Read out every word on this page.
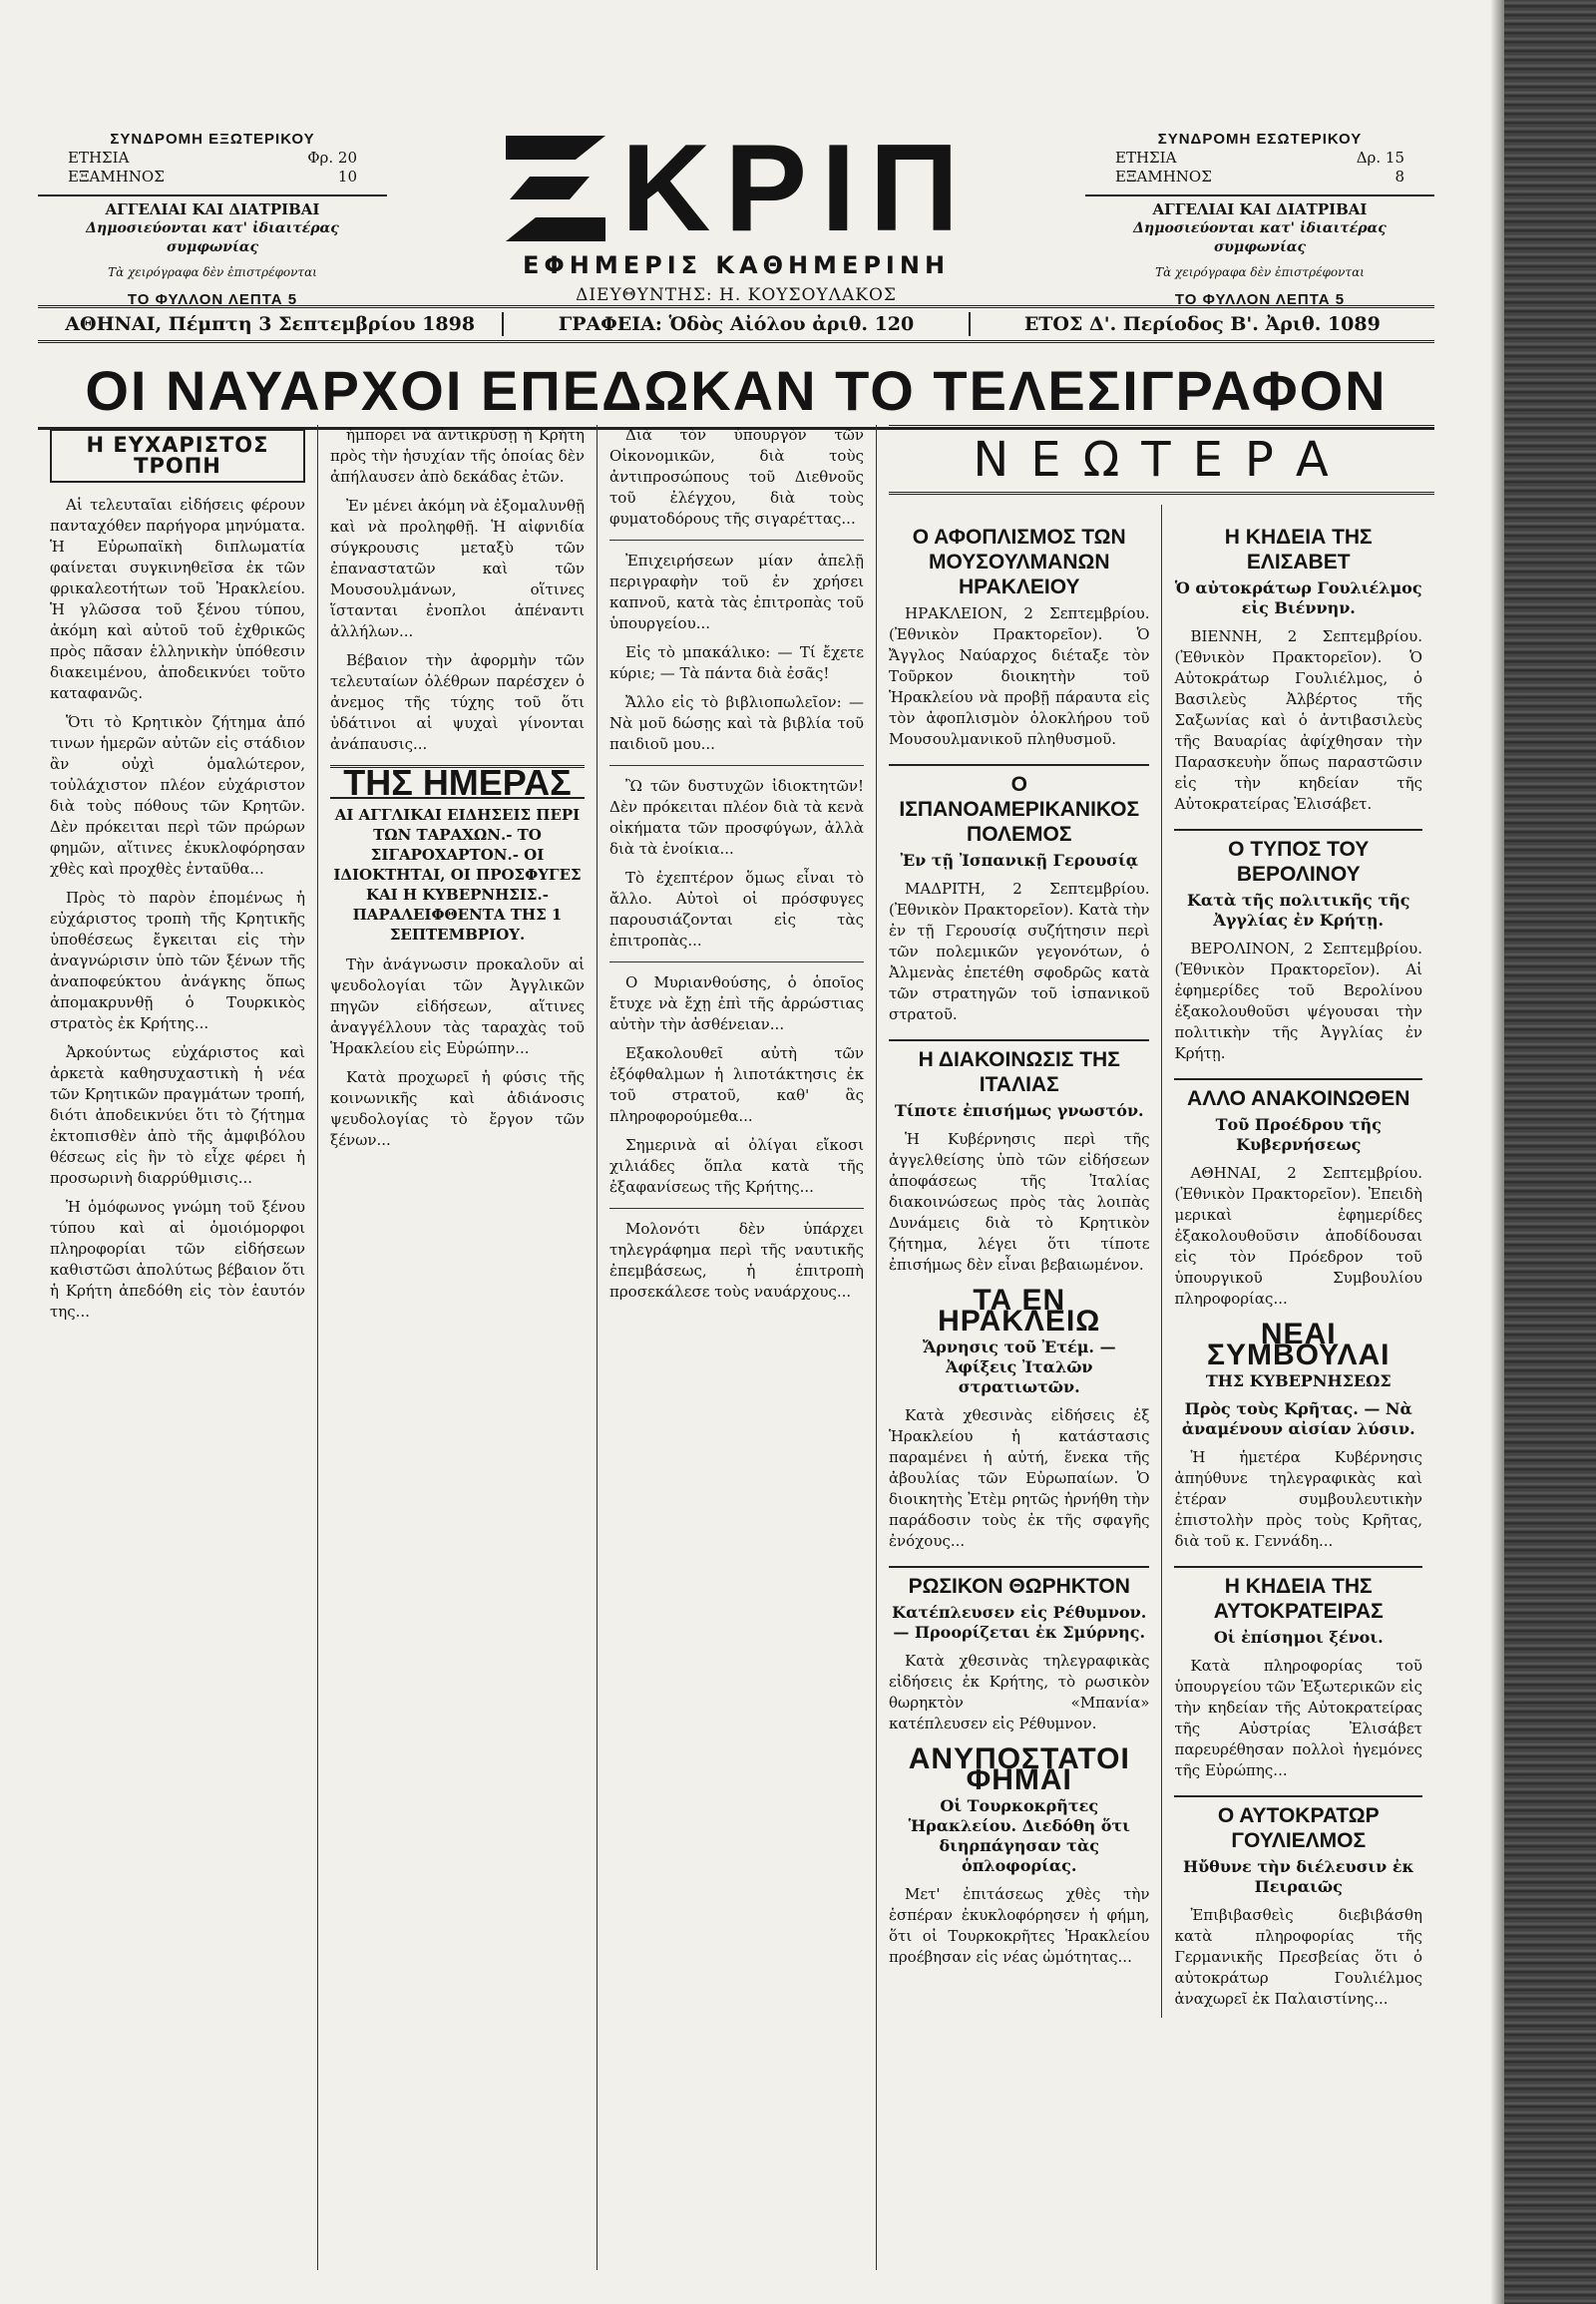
ΣΥΝΔΡΟΜΗ ΕΞΩΤΕΡΙΚΟΥ
ΕΤΗΣΙΑ	Φρ. 20
ΕΞΑΜΗΝΟΣ	10
ΑΓΓΕΛΙΑΙ ΚΑΙ ΔΙΑΤΡΙΒΑΙ
Δημοσιεύονται κατ' ἰδιαιτέρας συμφωνίας
Τὰ χειρόγραφα δὲν ἐπιστρέφονται
ΤΟ ΦΥΛΛΟΝ ΛΕΠΤΑ 5
ΚΡΙΠ
ΕΦΗΜΕΡΙΣ ΚΑΘΗΜΕΡΙΝΗ
ΔΙΕΥΘΥΝΤΗΣ: Η. ΚΟΥΣΟΥΛΑΚΟΣ
ΣΥΝΔΡΟΜΗ ΕΣΩΤΕΡΙΚΟΥ
ΕΤΗΣΙΑ	Δρ. 15
ΕΞΑΜΗΝΟΣ	8
ΑΓΓΕΛΙΑΙ ΚΑΙ ΔΙΑΤΡΙΒΑΙ
Δημοσιεύονται κατ' ἰδιαιτέρας συμφωνίας
Τὰ χειρόγραφα δὲν ἐπιστρέφονται
ΤΟ ΦΥΛΛΟΝ ΛΕΠΤΑ 5
ΑΘΗΝΑΙ, Πέμπτη 3 Σεπτεμβρίου 1898	ΓΡΑΦΕΙΑ: Ὁδὸς Αἰόλου ἀριθ. 120	ΕΤΟΣ Δ'. Περίοδος Β'. Ἀριθ. 1089
ΟΙ ΝΑΥΑΡΧΟΙ ΕΠΕΔΩΚΑΝ ΤΟ ΤΕΛΕΣΙΓΡΑΦΟΝ
Η ΕΥΧΑΡΙΣΤΟΣ ΤΡΟΠΗ

Αἱ τελευταῖαι εἰδήσεις φέρουν πανταχόθεν παρήγορα μηνύματα. Ἡ Εὐρωπαϊκὴ διπλωματία φαίνεται συγκινηθεῖσα ἐκ τῶν φρικαλεοτήτων τοῦ Ἡρακλείου. Ἡ γλῶσσα τοῦ ξένου τύπου, ἀκόμη καὶ αὐτοῦ τοῦ ἐχθρικῶς πρὸς πᾶσαν ἑλληνικὴν ὑπόθεσιν διακειμένου, ἀποδεικνύει τοῦτο καταφανῶς.

Ὅτι τὸ Κρητικὸν ζήτημα ἀπό τινων ἡμερῶν αὐτῶν εἰς στάδιον ἂν οὐχὶ ὁμαλώτερον, τοὐλάχιστον πλέον εὐχάριστον διὰ τοὺς πόθους τῶν Κρητῶν. Δὲν πρόκειται περὶ τῶν πρώρων φημῶν, αἵτινες ἐκυκλοφόρησαν χθὲς καὶ προχθὲς ἐνταῦθα...

Πρὸς τὸ παρὸν ἐπομένως ἡ εὐχάριστος τροπὴ τῆς Κρητικῆς ὑποθέσεως ἔγκειται εἰς τὴν ἀναγνώρισιν ὑπὸ τῶν ξένων τῆς ἀναποφεύκτου ἀνάγκης ὅπως ἀπομακρυνθῇ ὁ Τουρκικὸς στρατὸς ἐκ Κρήτης...

Ἀρκούντως εὐχάριστος καὶ ἀρκετὰ καθησυχαστικὴ ἡ νέα τῶν Κρητικῶν πραγμάτων τροπή, διότι ἀποδεικνύει ὅτι τὸ ζήτημα ἐκτοπισθὲν ἀπὸ τῆς ἀμφιβόλου θέσεως εἰς ἣν τὸ εἶχε φέρει ἡ προσωρινὴ διαρρύθμισις...

Ἡ ὁμόφωνος γνώμη τοῦ ξένου τύπου καὶ αἱ ὁμοιόμορφοι πληροφορίαι τῶν εἰδήσεων καθιστῶσι ἀπολύτως βέβαιον ὅτι ἡ Κρήτη ἀπεδόθη εἰς τὸν ἑαυτόν της...

ἡμπορεῖ νὰ ἀντικρύσῃ ἡ Κρήτη πρὸς τὴν ἡσυχίαν τῆς ὁποίας δὲν ἀπήλαυσεν ἀπὸ δεκάδας ἐτῶν.

Ἐν μένει ἀκόμη νὰ ἐξομαλυνθῇ καὶ νὰ προληφθῇ. Ἡ αἰφνιδία σύγκρουσις μεταξὺ τῶν ἐπαναστατῶν καὶ τῶν Μουσουλμάνων, οἵτινες ἵστανται ἐνοπλοι ἀπέναντι ἀλλήλων...

Βέβαιον τὴν ἀφορμὴν τῶν τελευταίων ὀλέθρων παρέσχεν ὁ ἀνεμος τῆς τύχης τοῦ ὅτι ὑδάτινοι αἱ ψυχαὶ γίνονται ἀνάπαυσις...

ΤΗΣ ΗΜΕΡΑΣ
ΑΙ ΑΓΓΛΙΚΑΙ ΕΙΔΗΣΕΙΣ ΠΕΡΙ ΤΩΝ ΤΑΡΑΧΩΝ.- ΤΟ ΣΙΓΑΡΟΧΑΡΤΟΝ.- ΟΙ ΙΔΙΟΚΤΗΤΑΙ, ΟΙ ΠΡΟΣΦΥΓΕΣ ΚΑΙ Η ΚΥΒΕΡΝΗΣΙΣ.- ΠΑΡΑΛΕΙΦΘΕΝΤΑ ΤΗΣ 1 ΣΕΠΤΕΜΒΡΙΟΥ.

Τὴν ἀνάγνωσιν προκαλοῦν αἱ ψευδολογίαι τῶν Ἀγγλικῶν πηγῶν εἰδήσεων, αἵτινες ἀναγγέλλουν τὰς ταραχὰς τοῦ Ἡρακλείου εἰς Εὐρώπην...

Κατὰ προχωρεῖ ἡ φύσις τῆς κοινωνικῆς καὶ ἀδιάνοσις ψευδολογίας τὸ ἔργον τῶν ξένων...

Διὰ τὸν ὑπουργὸν τῶν Οἰκονομικῶν, διὰ τοὺς ἀντιπροσώπους τοῦ Διεθνοῦς τοῦ ἐλέγχου, διὰ τοὺς φυματοδόρους τῆς σιγαρέττας...

Ἐπιχειρήσεων μίαν ἀπελῇ περιγραφὴν τοῦ ἐν χρήσει καπνοῦ, κατὰ τὰς ἐπιτροπὰς τοῦ ὑπουργείου...

Εἰς τὸ μπακάλικο: — Τί ἔχετε κύριε; — Τὰ πάντα διὰ ἐσᾶς!

Ἄλλο εἰς τὸ βιβλιοπωλεῖον: — Νὰ μοῦ δώσῃς καὶ τὰ βιβλία τοῦ παιδιοῦ μου...

Ὢ τῶν δυστυχῶν ἰδιοκτητῶν! Δὲν πρόκειται πλέον διὰ τὰ κενὰ οἰκήματα τῶν προσφύγων, ἀλλὰ διὰ τὰ ἐνοίκια...

Τὸ ἐχεπτέρον ὅμως εἶναι τὸ ἄλλο. Αὐτοὶ οἱ πρόσφυγες παρουσιάζονται εἰς τὰς ἐπιτροπὰς...

Ο Μυριανθούσης, ὁ ὁποῖος ἔτυχε νὰ ἔχῃ ἐπὶ τῆς ἀρρώστιας αὐτὴν τὴν ἀσθένειαν...

Εξακολουθεῖ αὐτὴ τῶν ἐξόφθαλμων ἡ λιποτάκτησις ἐκ τοῦ στρατοῦ, καθ' ἃς πληροφορούμεθα...

Σημερινὰ αἱ ὀλίγαι εἴκοσι χιλιάδες ὅπλα κατὰ τῆς ἐξαφανίσεως τῆς Κρήτης...

Μολονότι δὲν ὑπάρχει τηλεγράφημα περὶ τῆς ναυτικῆς ἐπεμβάσεως, ἡ ἐπιτροπὴ προσεκάλεσε τοὺς ναυάρχους...

ΝΕΩΤΕΡΑ
Ο ΑΦΟΠΛΙΣΜΟΣ ΤΩΝ ΜΟΥΣΟΥΛΜΑΝΩΝ ΗΡΑΚΛΕΙΟΥ

ΗΡΑΚΛΕΙΟΝ, 2 Σεπτεμβρίου. (Ἐθνικὸν Πρακτορεῖον). Ὁ Ἄγγλος Ναύαρχος διέταξε τὸν Τοῦρκον διοικητὴν τοῦ Ἡρακλείου νὰ προβῇ πάραυτα εἰς τὸν ἀφοπλισμὸν ὁλοκλήρου τοῦ Μουσουλμανικοῦ πληθυσμοῦ.

Ο ΙΣΠΑΝΟΑΜΕΡΙΚΑΝΙΚΟΣ ΠΟΛΕΜΟΣ
Ἐν τῇ Ἰσπανικῇ Γερουσίᾳ

ΜΑΔΡΙΤΗ, 2 Σεπτεμβρίου. (Ἐθνικὸν Πρακτορεῖον). Κατὰ τὴν ἐν τῇ Γερουσίᾳ συζήτησιν περὶ τῶν πολεμικῶν γεγονότων, ὁ Ἀλμενὰς ἐπετέθη σφοδρῶς κατὰ τῶν στρατηγῶν τοῦ ἰσπανικοῦ στρατοῦ.

Η ΔΙΑΚΟΙΝΩΣΙΣ ΤΗΣ ΙΤΑΛΙΑΣ
Τίποτε ἐπισήμως γνωστόν.

Ἡ Κυβέρνησις περὶ τῆς ἀγγελθείσης ὑπὸ τῶν εἰδήσεων ἀποφάσεως τῆς Ἰταλίας διακοινώσεως πρὸς τὰς λοιπὰς Δυνάμεις διὰ τὸ Κρητικὸν ζήτημα, λέγει ὅτι τίποτε ἐπισήμως δὲν εἶναι βεβαιωμένον.

ΤΑ ΕΝ ΗΡΑΚΛΕΙΩ
Ἄρνησις τοῦ Ἐτέμ. — Ἀφίξεις Ἰταλῶν στρατιωτῶν.

Κατὰ χθεσινὰς εἰδήσεις ἐξ Ἡρακλείου ἡ κατάστασις παραμένει ἡ αὐτή, ἕνεκα τῆς ἀβουλίας τῶν Εὐρωπαίων. Ὁ διοικητὴς Ἐτὲμ ρητῶς ἠρνήθη τὴν παράδοσιν τοὺς ἐκ τῆς σφαγῆς ἐνόχους...

ΡΩΣΙΚΟΝ ΘΩΡΗΚΤΟΝ
Κατέπλευσεν εἰς Ρέθυμνον. — Προορίζεται ἐκ Σμύρνης.

Κατὰ χθεσινὰς τηλεγραφικὰς εἰδήσεις ἐκ Κρήτης, τὸ ρωσικὸν θωρηκτὸν «Μπανία» κατέπλευσεν εἰς Ρέθυμνον.

ΑΝΥΠΟΣΤΑΤΟΙ ΦΗΜΑΙ
Οἱ Τουρκοκρῆτες Ἡρακλείου. Διεδόθη ὅτι διηρπάγησαν τὰς ὁπλοφορίας.

Μετ' ἐπιτάσεως χθὲς τὴν ἑσπέραν ἐκυκλοφόρησεν ἡ φήμη, ὅτι οἱ Τουρκοκρῆτες Ἡρακλείου προέβησαν εἰς νέας ὠμότητας...

Η ΚΗΔΕΙΑ ΤΗΣ ΕΛΙΣΑΒΕΤ
Ὁ αὐτοκράτωρ Γουλιέλμος εἰς Βιέννην.

ΒΙΕΝΝΗ, 2 Σεπτεμβρίου. (Ἐθνικὸν Πρακτορεῖον). Ὁ Αὐτοκράτωρ Γουλιέλμος, ὁ Βασιλεὺς Ἀλβέρτος τῆς Σαξωνίας καὶ ὁ ἀντιβασιλεὺς τῆς Βαυαρίας ἀφίχθησαν τὴν Παρασκευὴν ὅπως παραστῶσιν εἰς τὴν κηδείαν τῆς Αὐτοκρατείρας Ἐλισάβετ.

Ο ΤΥΠΟΣ ΤΟΥ ΒΕΡΟΛΙΝΟΥ
Κατὰ τῆς πολιτικῆς τῆς Ἀγγλίας ἐν Κρήτῃ.

ΒΕΡΟΛΙΝΟΝ, 2 Σεπτεμβρίου. (Ἐθνικὸν Πρακτορεῖον). Αἱ ἐφημερίδες τοῦ Βερολίνου ἐξακολουθοῦσι ψέγουσαι τὴν πολιτικὴν τῆς Ἀγγλίας ἐν Κρήτῃ.

ΑΛΛΟ ΑΝΑΚΟΙΝΩΘΕΝ
Τοῦ Προέδρου τῆς Κυβερνήσεως

ΑΘΗΝΑΙ, 2 Σεπτεμβρίου. (Ἐθνικὸν Πρακτορεῖον). Ἐπειδὴ μερικαὶ ἐφημερίδες ἐξακολουθοῦσιν ἀποδίδουσαι εἰς τὸν Πρόεδρον τοῦ ὑπουργικοῦ Συμβουλίου πληροφορίας...

ΝΕΑΙ ΣΥΜΒΟΥΛΑΙ
ΤΗΣ ΚΥΒΕΡΝΗΣΕΩΣ
Πρὸς τοὺς Κρῆτας. — Νὰ ἀναμένουν αἰσίαν λύσιν.

Ἡ ἡμετέρα Κυβέρνησις ἀπηύθυνε τηλεγραφικὰς καὶ ἐτέραν συμβουλευτικὴν ἐπιστολὴν πρὸς τοὺς Κρῆτας, διὰ τοῦ κ. Γεννάδη...

Η ΚΗΔΕΙΑ ΤΗΣ ΑΥΤΟΚΡΑΤΕΙΡΑΣ
Οἱ ἐπίσημοι ξένοι.

Κατὰ πληροφορίας τοῦ ὑπουργείου τῶν Ἐξωτερικῶν εἰς τὴν κηδείαν τῆς Αὐτοκρατείρας τῆς Αὐστρίας Ἐλισάβετ παρευρέθησαν πολλοὶ ἡγεμόνες τῆς Εὐρώπης...

Ο ΑΥΤΟΚΡΑΤΩΡ ΓΟΥΛΙΕΛΜΟΣ
Ηὔθυνε τὴν διέλευσιν ἐκ Πειραιῶς

Ἐπιβιβασθεὶς διεβιβάσθη κατὰ πληροφορίας τῆς Γερμανικῆς Πρεσβείας ὅτι ὁ αὐτοκράτωρ Γουλιέλμος ἀναχωρεῖ ἐκ Παλαιστίνης...
